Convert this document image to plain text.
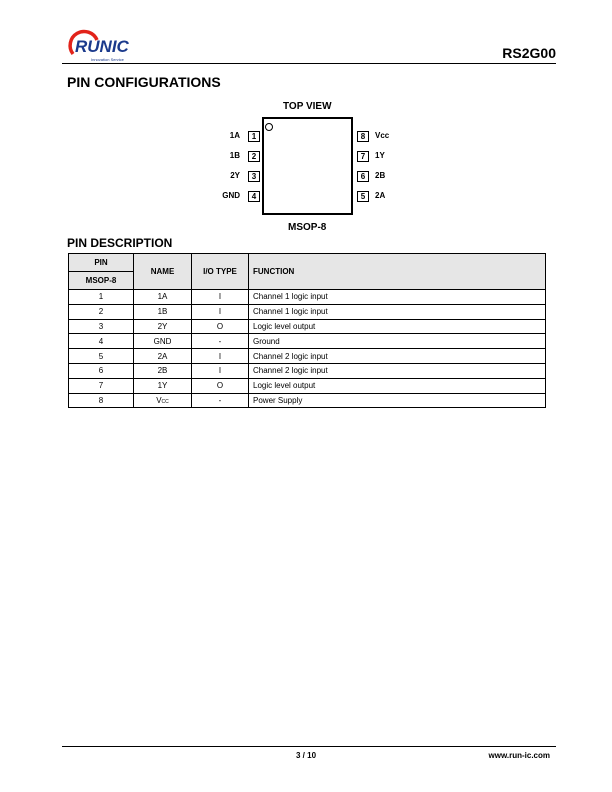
RUNIC
Innovation Service	RS2G00
PIN CONFIGURATIONS
TOP VIEW
1A	1
1B	2
2Y	3
GND	4
8	Vcc
7	1Y
6	2B
5	2A
MSOP-8
PIN DESCRIPTION
PIN	NAME	I/O TYPE	FUNCTION
MSOP-8			
1	1A	I	Channel 1 logic input
2	1B	I	Channel 1 logic input
3	2Y	O	Logic level output
4	GND	-	Ground
5	2A	I	Channel 2 logic input
6	2B	I	Channel 2 logic input
7	1Y	O	Logic level output
8	VCC	-	Power Supply
3 / 10	www.run-ic.com
